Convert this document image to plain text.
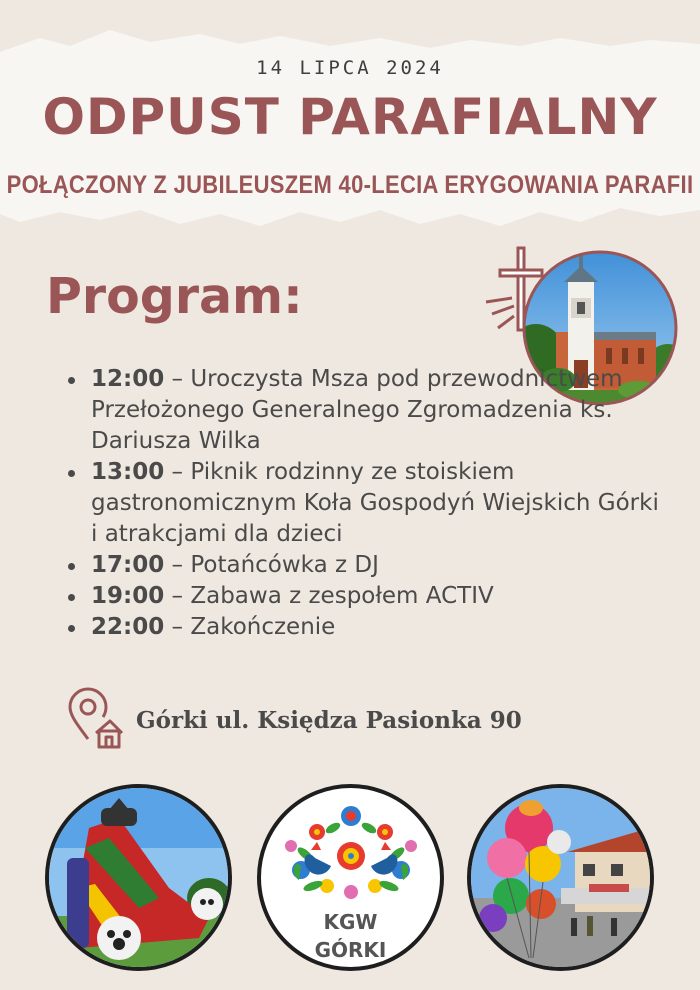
14 LIPCA 2024
ODPUST PARAFIALNY
POŁĄCZONY Z JUBILEUSZEM 40-LECIA ERYGOWANIA PARAFII
Program:
12:00 – Uroczysta Msza pod przewodnictwem Przełożonego Generalnego Zgromadzenia ks. Dariusza Wilka
13:00 – Piknik rodzinny ze stoiskiem gastronomicznym Koła Gospodyń Wiejskich Górki i atrakcjami dla dzieci
17:00 – Potańcówka z DJ
19:00 – Zabawa z zespołem ACTIV
22:00 – Zakończenie
Górki ul. Księdza Pasionka 90
KGW
GÓRKI
